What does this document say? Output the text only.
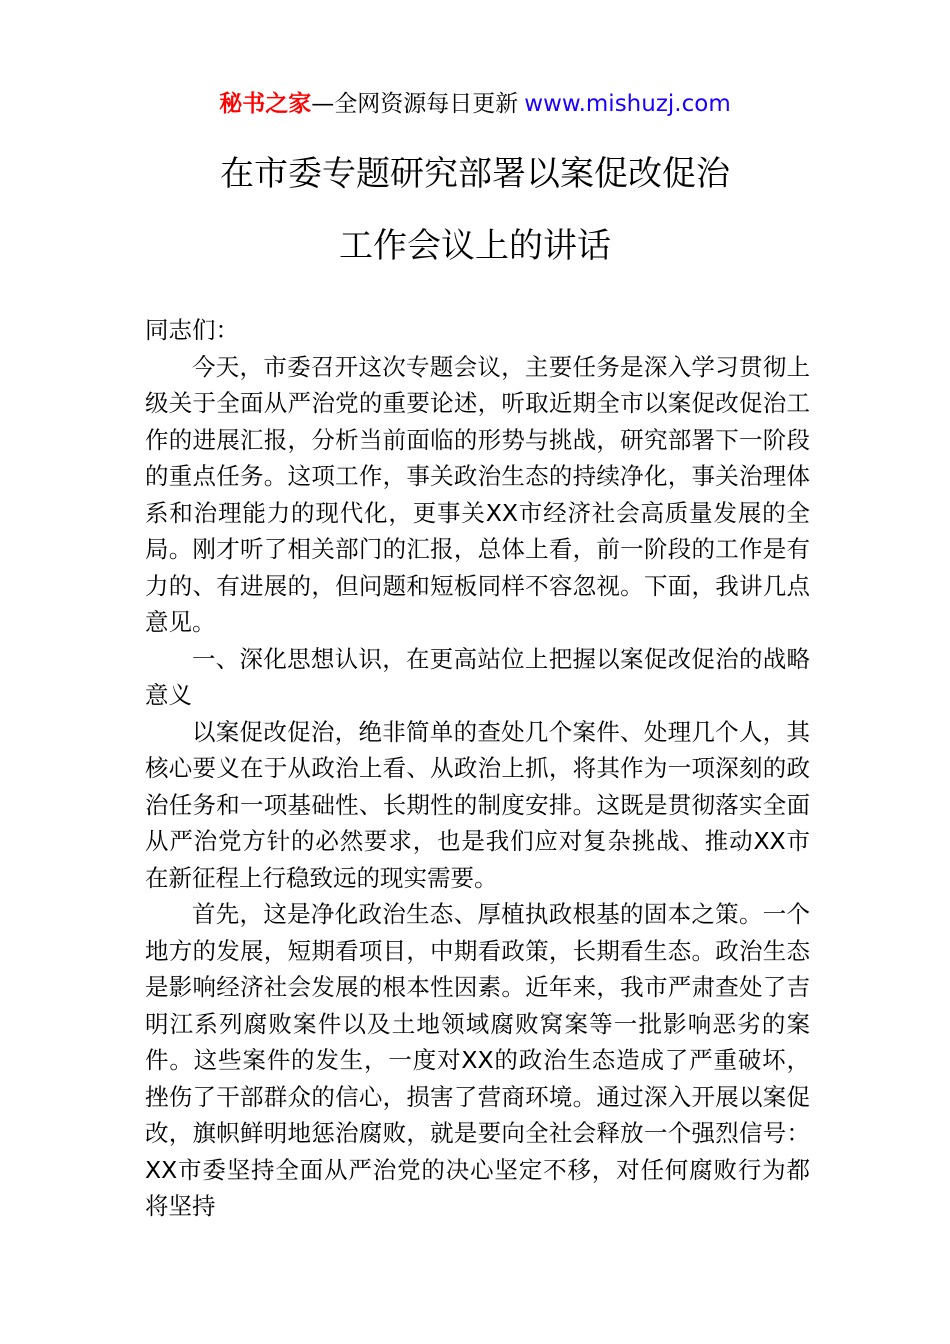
秘书之家—全网资源每日更新 www.mishuzj.com
在市委专题研究部署以案促改促治
工作会议上的讲话

同志们：

今天，市委召开这次专题会议，主要任务是深入学习贯彻上级关于全面从严治党的重要论述，听取近期全市以案促改促治工作的进展汇报，分析当前面临的形势与挑战，研究部署下一阶段的重点任务。这项工作，事关政治生态的持续净化，事关治理体系和治理能力的现代化，更事关XX市经济社会高质量发展的全局。刚才听了相关部门的汇报，总体上看，前一阶段的工作是有力的、有进展的，但问题和短板同样不容忽视。下面，我讲几点意见。

一、深化思想认识，在更高站位上把握以案促改促治的战略意义

以案促改促治，绝非简单的查处几个案件、处理几个人，其核心要义在于从政治上看、从政治上抓，将其作为一项深刻的政治任务和一项基础性、长期性的制度安排。这既是贯彻落实全面从严治党方针的必然要求，也是我们应对复杂挑战、推动XX市在新征程上行稳致远的现实需要。

首先，这是净化政治生态、厚植执政根基的固本之策。一个地方的发展，短期看项目，中期看政策，长期看生态。政治生态是影响经济社会发展的根本性因素。近年来，我市严肃查处了吉明江系列腐败案件以及土地领域腐败窝案等一批影响恶劣的案件。这些案件的发生，一度对XX的政治生态造成了严重破坏，挫伤了干部群众的信心，损害了营商环境。通过深入开展以案促改，旗帜鲜明地惩治腐败，就是要向全社会释放一个强烈信号：XX市委坚持全面从严治党的决心坚定不移，对任何腐败行为都将坚持
